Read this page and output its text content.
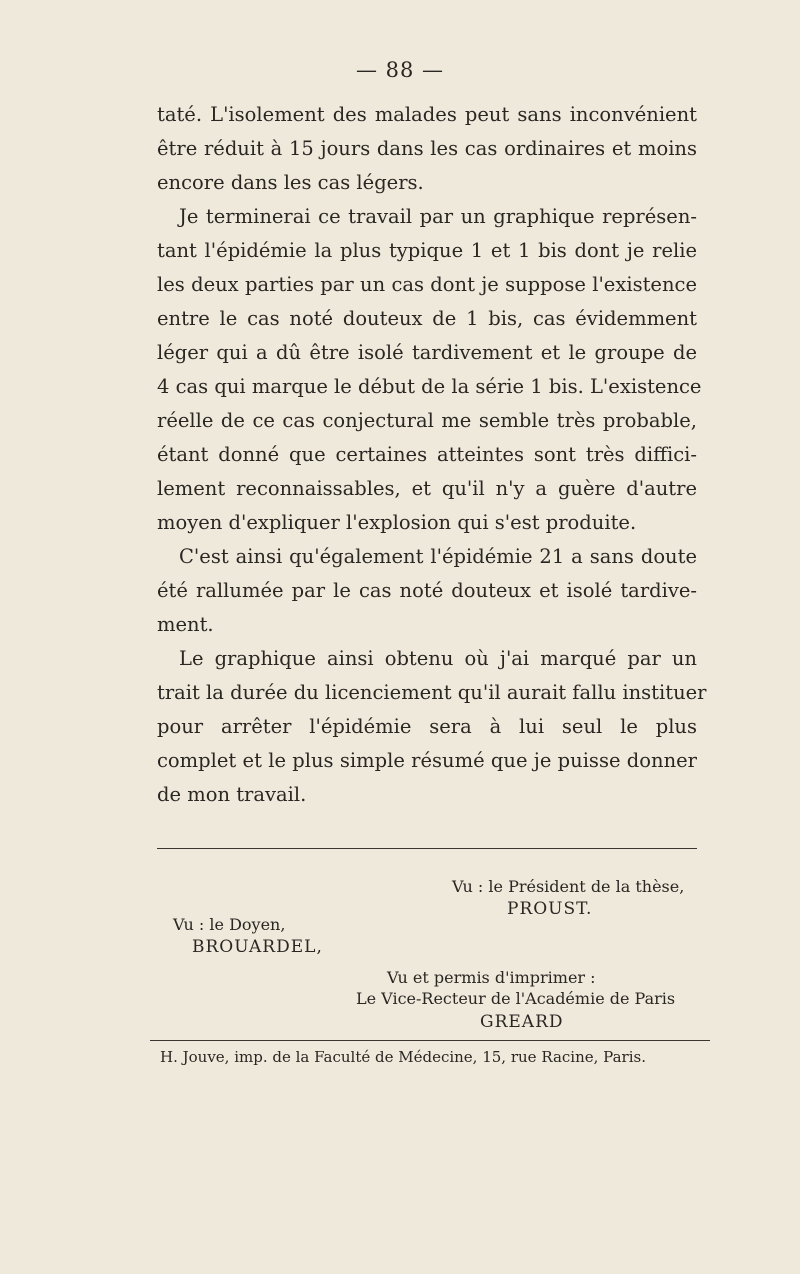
— 88 —
taté. L'isolement des malades peut sans inconvénient
être réduit à 15 jours dans les cas ordinaires et moins
encore dans les cas légers.
Je terminerai ce travail par un graphique représen-
tant l'épidémie la plus typique 1 et 1 bis dont je relie
les deux parties par un cas dont je suppose l'existence
entre le cas noté douteux de 1 bis, cas évidemment
léger qui a dû être isolé tardivement et le groupe de
4 cas qui marque le début de la série 1 bis. L'existence
réelle de ce cas conjectural me semble très probable,
étant donné que certaines atteintes sont très diffici-
lement reconnaissables, et qu'il n'y a guère d'autre
moyen d'expliquer l'explosion qui s'est produite.
C'est ainsi qu'également l'épidémie 21 a sans doute
été rallumée par le cas noté douteux et isolé tardive-
ment.
Le graphique ainsi obtenu où j'ai marqué par un
trait la durée du licenciement qu'il aurait fallu instituer
pour arrêter l'épidémie sera à lui seul le plus
complet et le plus simple résumé que je puisse donner
de mon travail.
Vu : le Président de la thèse,
PROUST.
Vu : le Doyen,
BROUARDEL,
Vu et permis d'imprimer :
Le Vice-Recteur de l'Académie de Paris
GREARD
H. Jouve, imp. de la Faculté de Médecine, 15, rue Racine, Paris.
